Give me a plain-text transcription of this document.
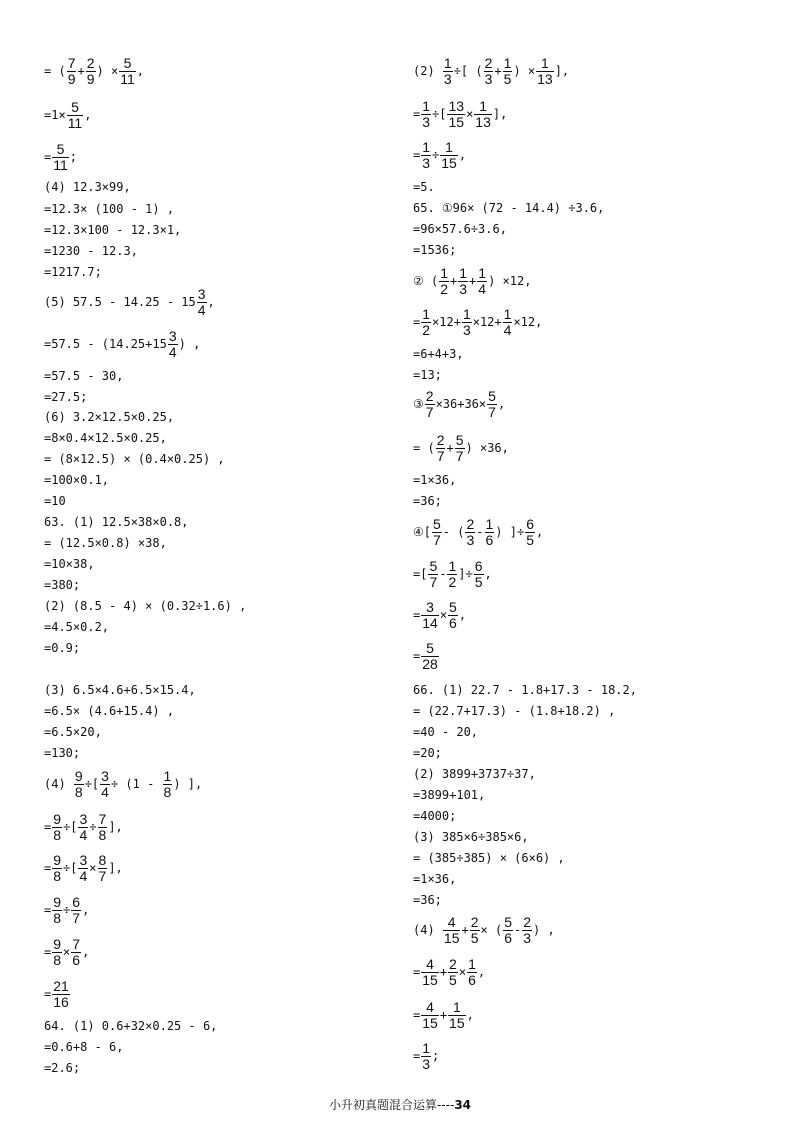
= ( $\frac{7}{9} + \frac{2}{9}$ ) × $\frac{5}{11}$ ,
$=1\times \frac{5}{11}$ ,
= $\frac{5}{11}$ ;
(4) 12.3×99,
=12.3× (100 - 1) ,
=12.3×100 - 12.3×1,
=1230 - 12.3,
=1217.7;
(5) $57.5 - 14.25 - 15 \frac{3}{4}$ ,
$=57.5 - (14.25+15 \frac{3}{4}$ ) ,
=57.5 - 30,
=27.5;
(6) 3.2×12.5×0.25,
=8×0.4×12.5×0.25,
= (8×12.5) × (0.4×0.25) ,
=100×0.1,
=10
63. (1) 12.5×38×0.8,
= (12.5×0.8) ×38,
=10×38,
=380;
(2) (8.5 - 4) × (0.32÷1.6) ,
=4.5×0.2,
=0.9;
(3) 6.5×4.6+6.5×15.4,
=6.5× (4.6+15.4) ,
=6.5×20,
=130;
$(4) \frac{9}{8}$ ÷[ $\frac{3}{4} \div (1 - \frac{1}{8}$ ) ],
= $\frac{9}{8}$ ÷[ $\frac{3}{4} \div \frac{7}{8}$ ],
= $\frac{9}{8}$ ÷[ $\frac{3}{4} \times \frac{8}{7}$ ],
= $\frac{9}{8} \div \frac{6}{7}$ ,
= $\frac{9}{8} \times \frac{7}{6}$ ,
= $\frac{21}{16}$
64. (1) 0.6+32×0.25 - 6,
=0.6+8 - 6,
=2.6;
$(2) \frac{1}{3}$ ÷[ ( $\frac{2}{3} + \frac{1}{5}$ ) × $\frac{1}{13}$ ],
= $\frac{1}{3}$ ÷[ $\frac{13}{15} \times \frac{1}{13}$ ],
= $\frac{1}{3} \div \frac{1}{15}$ ,
=5.
65. ①96× (72 - 14.4) ÷3.6,
=96×57.6÷3.6,
=1536;
② ( $\frac{1}{2} + \frac{1}{3} + \frac{1}{4}$ ) ×12,
= $\frac{1}{2} \times 12+ \frac{1}{3} \times 12+ \frac{1}{4} \times 12$,
=6+4+3,
=13;
③ $\frac{2}{7} \times 36+36\times \frac{5}{7}$ ,
= ( $\frac{2}{7} + \frac{5}{7}$ ) ×36,
=1×36,
=36;
④[ $\frac{5}{7}$ - ( $\frac{2}{3} - \frac{1}{6}$ ) ]÷ $\frac{6}{5}$ ,
=[ $\frac{5}{7} - \frac{1}{2}$ ]÷ $\frac{6}{5}$ ,
= $\frac{3}{14} \times \frac{5}{6}$ ,
= $\frac{5}{28}$
66. (1) 22.7 - 1.8+17.3 - 18.2,
= (22.7+17.3) - (1.8+18.2) ,
=40 - 20,
=20;
(2) 3899+3737÷37,
=3899+101,
=4000;
(3) 385×6÷385×6,
= (385÷385) × (6×6) ,
=1×36,
=36;
$(4) \frac{4}{15} + \frac{2}{5}$ × ( $\frac{5}{6} - \frac{2}{3}$ ) ,
= $\frac{4}{15} + \frac{2}{5} \times \frac{1}{6}$ ,
= $\frac{4}{15} + \frac{1}{15}$ ,
= $\frac{1}{3}$ ;
小升初真题混合运算----34
